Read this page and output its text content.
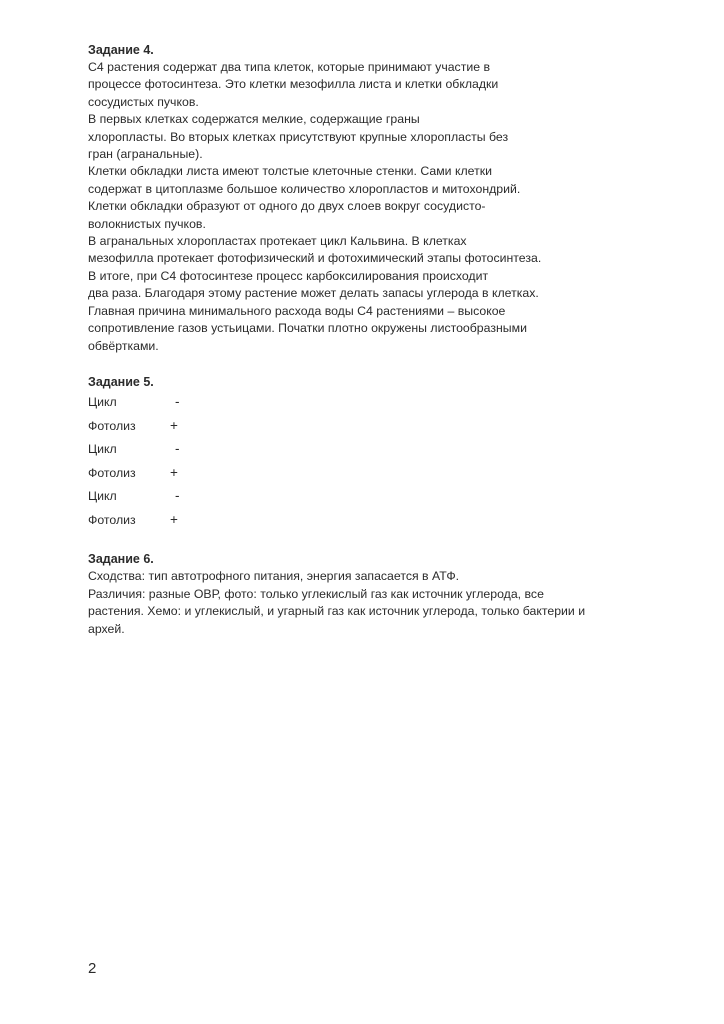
Задание 4.

С4 растения содержат два типа клеток, которые принимают участие в

процессе фотосинтеза. Это клетки мезофилла листа и клетки обкладки

сосудистых пучков.

В первых клетках содержатся мелкие, содержащие граны

хлоропласты. Во вторых клетках присутствуют крупные хлоропласты без

гран (агранальные).

Клетки обкладки листа имеют толстые клеточные стенки. Сами клетки

содержат в цитоплазме большое количество хлоропластов и митохондрий.

Клетки обкладки образуют от одного до двух слоев вокруг сосудисто-

волокнистых пучков.

В агранальных хлоропластах протекает цикл Кальвина. В клетках

мезофилла протекает фотофизический и фотохимический этапы фотосинтеза.

В итоге, при С4 фотосинтезе процесс карбоксилирования происходит

два раза. Благодаря этому растение может делать запасы углерода в клетках.

Главная причина минимального расхода воды С4 растениями – высокое

сопротивление газов устьицами. Початки плотно окружены листообразными

обвёртками.

Задание 5.

Цикл	-
Фотолиз	+
Цикл	-
Фотолиз	+
Цикл	-
Фотолиз	+

Задание 6.

Сходства: тип автотрофного питания, энергия запасается в АТФ.

Различия: разные ОВР, фото: только углекислый газ как источник углерода, все

растения. Хемо: и углекислый, и угарный газ как источник углерода, только бактерии и

архей.

2
